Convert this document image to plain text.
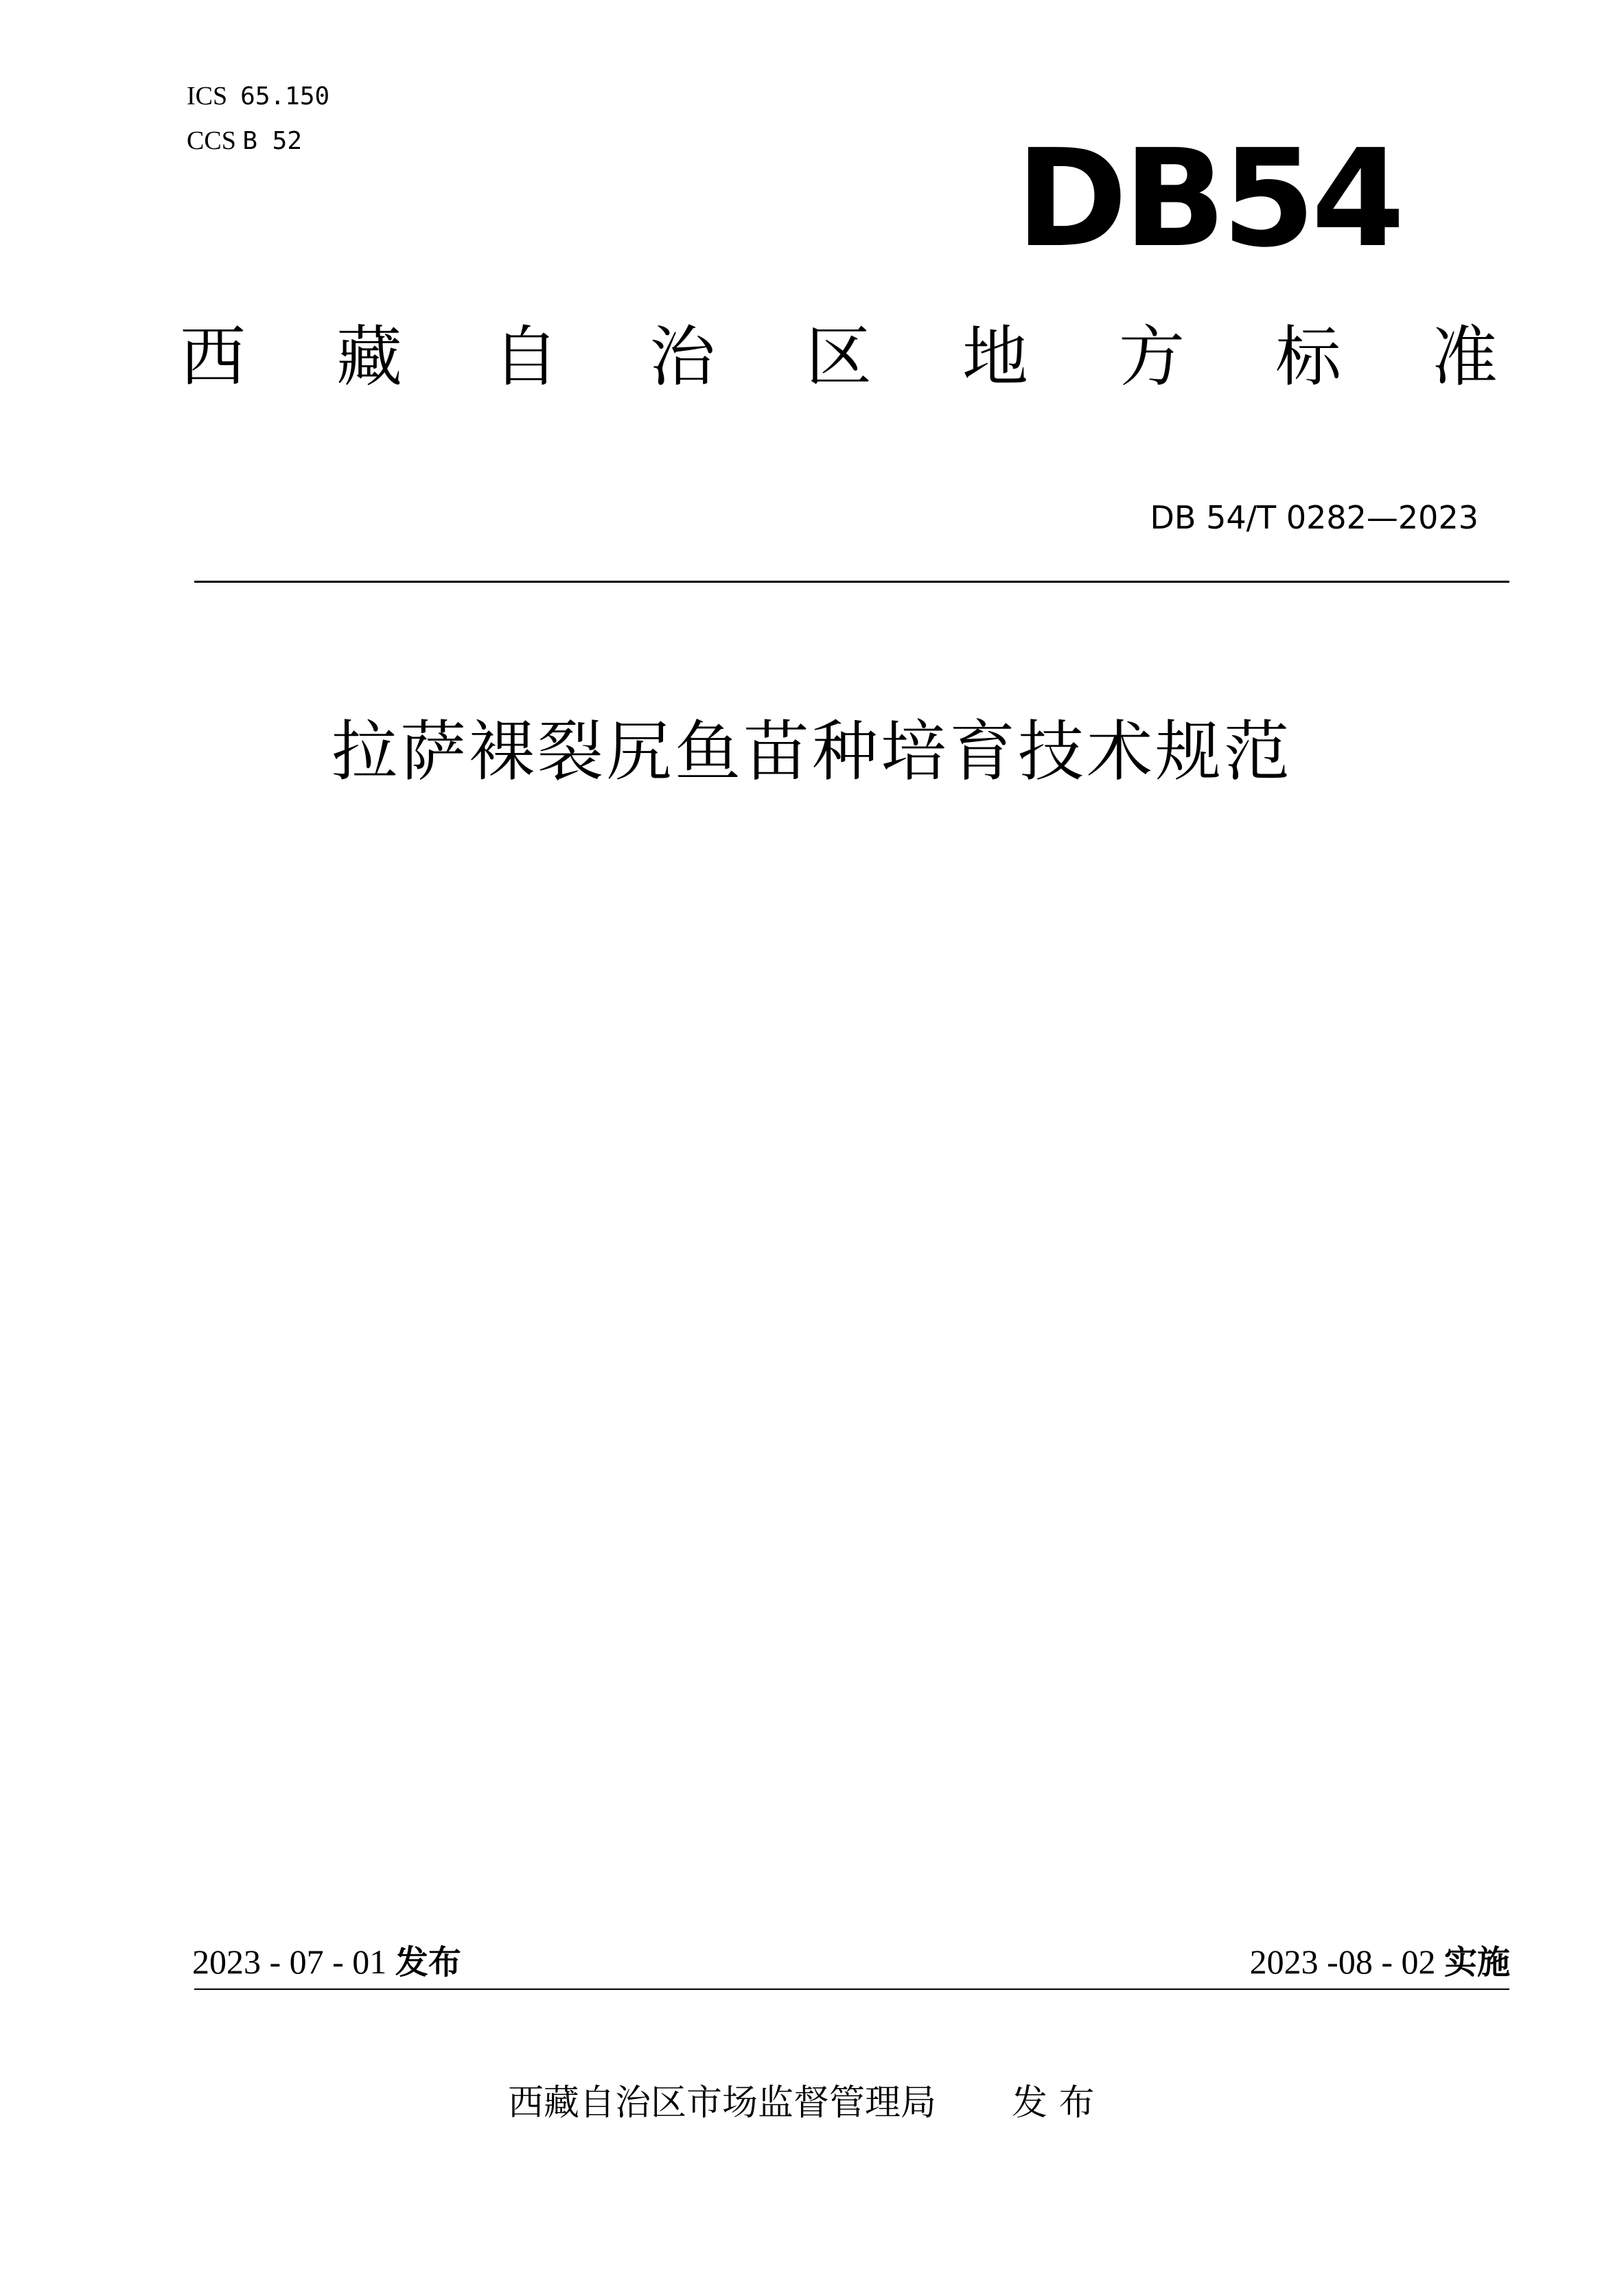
ICS 65.150
CCS B 52	DB54
西 藏 自 治 区 地 方 标 准
DB 54/T 0282—2023
拉萨裸裂尻鱼苗种培育技术规范
2023 - 07 - 01 发布	2023 -08 - 02 实施
西藏自治区市场监督管理局 发 布
